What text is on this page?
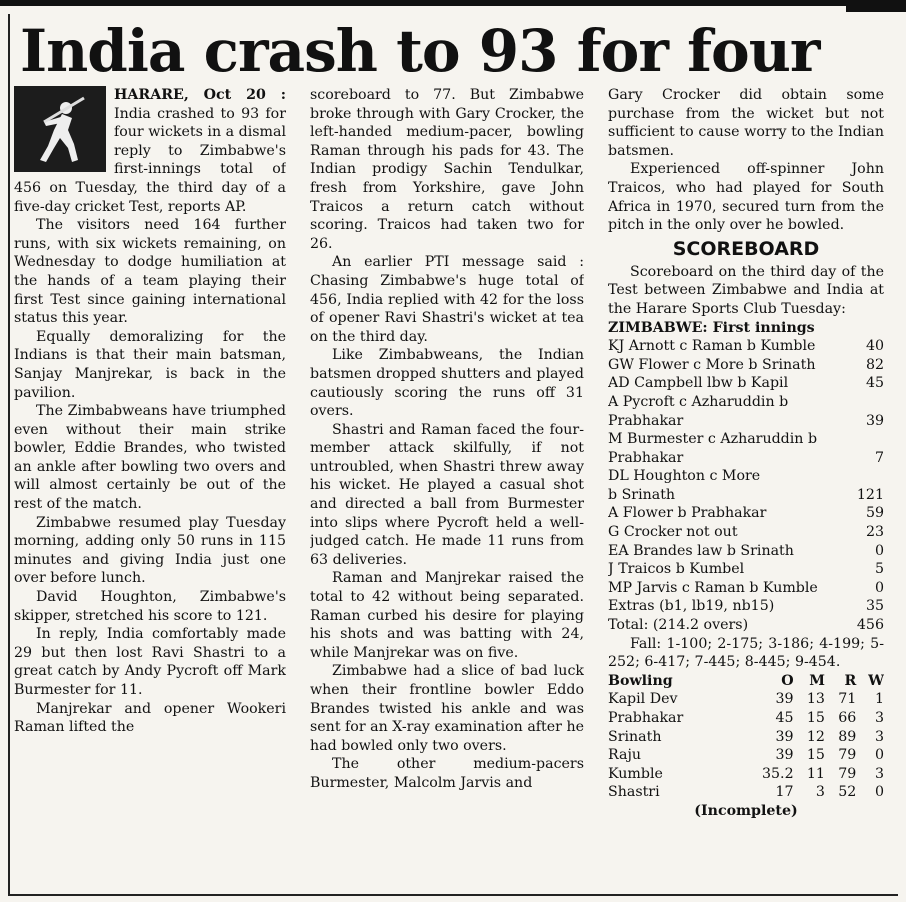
India crash to 93 for four

HARARE, Oct 20 : India crashed to 93 for four wickets in a dismal reply to Zimbabwe's first-innings total of 456 on Tuesday, the third day of a five-day cricket Test, reports AP.

The visitors need 164 further runs, with six wickets remaining, on Wednesday to dodge humiliation at the hands of a team playing their first Test since gaining international status this year.

Equally demoralizing for the Indians is that their main batsman, Sanjay Manjrekar, is back in the pavilion.

The Zimbabweans have triumphed even without their main strike bowler, Eddie Brandes, who twisted an ankle after bowling two overs and will almost certainly be out of the rest of the match.

Zimbabwe resumed play Tuesday morning, adding only 50 runs in 115 minutes and giving India just one over before lunch.

David Houghton, Zimbabwe's skipper, stretched his score to 121.

In reply, India comfortably made 29 but then lost Ravi Shastri to a great catch by Andy Pycroft off Mark Burmester for 11.

Manjrekar and opener Wookeri Raman lifted the

scoreboard to 77. But Zimbabwe broke through with Gary Crocker, the left-handed medium-pacer, bowling Raman through his pads for 43. The Indian prodigy Sachin Tendulkar, fresh from Yorkshire, gave John Traicos a return catch without scoring. Traicos had taken two for 26.

An earlier PTI message said : Chasing Zimbabwe's huge total of 456, India replied with 42 for the loss of opener Ravi Shastri's wicket at tea on the third day.

Like Zimbabweans, the Indian batsmen dropped shutters and played cautiously scoring the runs off 31 overs.

Shastri and Raman faced the four-member attack skilfully, if not untroubled, when Shastri threw away his wicket. He played a casual shot and directed a ball from Burmester into slips where Pycroft held a well-judged catch. He made 11 runs from 63 deliveries.

Raman and Manjrekar raised the total to 42 without being separated. Raman curbed his desire for playing his shots and was batting with 24, while Manjrekar was on five.

Zimbabwe had a slice of bad luck when their frontline bowler Eddo Brandes twisted his ankle and was sent for an X-ray examination after he had bowled only two overs.

The other medium-pacers Burmester, Malcolm Jarvis and

Gary Crocker did obtain some purchase from the wicket but not sufficient to cause worry to the Indian batsmen.

Experienced off-spinner John Traicos, who had played for South Africa in 1970, secured turn from the pitch in the only over he bowled.

SCOREBOARD

Scoreboard on the third day of the Test between Zimbabwe and India at the Harare Sports Club Tuesday:

ZIMBABWE: First innings
KJ Arnott c Raman b Kumble	40
GW Flower c More b Srinath	82
AD Campbell lbw b Kapil	45
A Pycroft c Azharuddin b
Prabhakar	39
M Burmester c Azharuddin b
Prabhakar	7
DL Houghton c More
b Srinath	121
A Flower b Prabhakar	59
G Crocker not out	23
EA Brandes law b Srinath	0
J Traicos b Kumbel	5
MP Jarvis c Raman b Kumble	0
Extras (b1, lb19, nb15)	35
Total: (214.2 overs)	456

Fall: 1-100; 2-175; 3-186; 4-199; 5-252; 6-417; 7-445; 8-445; 9-454.

Bowling	O	M	R	W
Kapil Dev	39	13	71	1
Prabhakar	45	15	66	3
Srinath	39	12	89	3
Raju	39	15	79	0
Kumble	35.2	11	79	3
Shastri	17	3	52	0
(Incomplete)
